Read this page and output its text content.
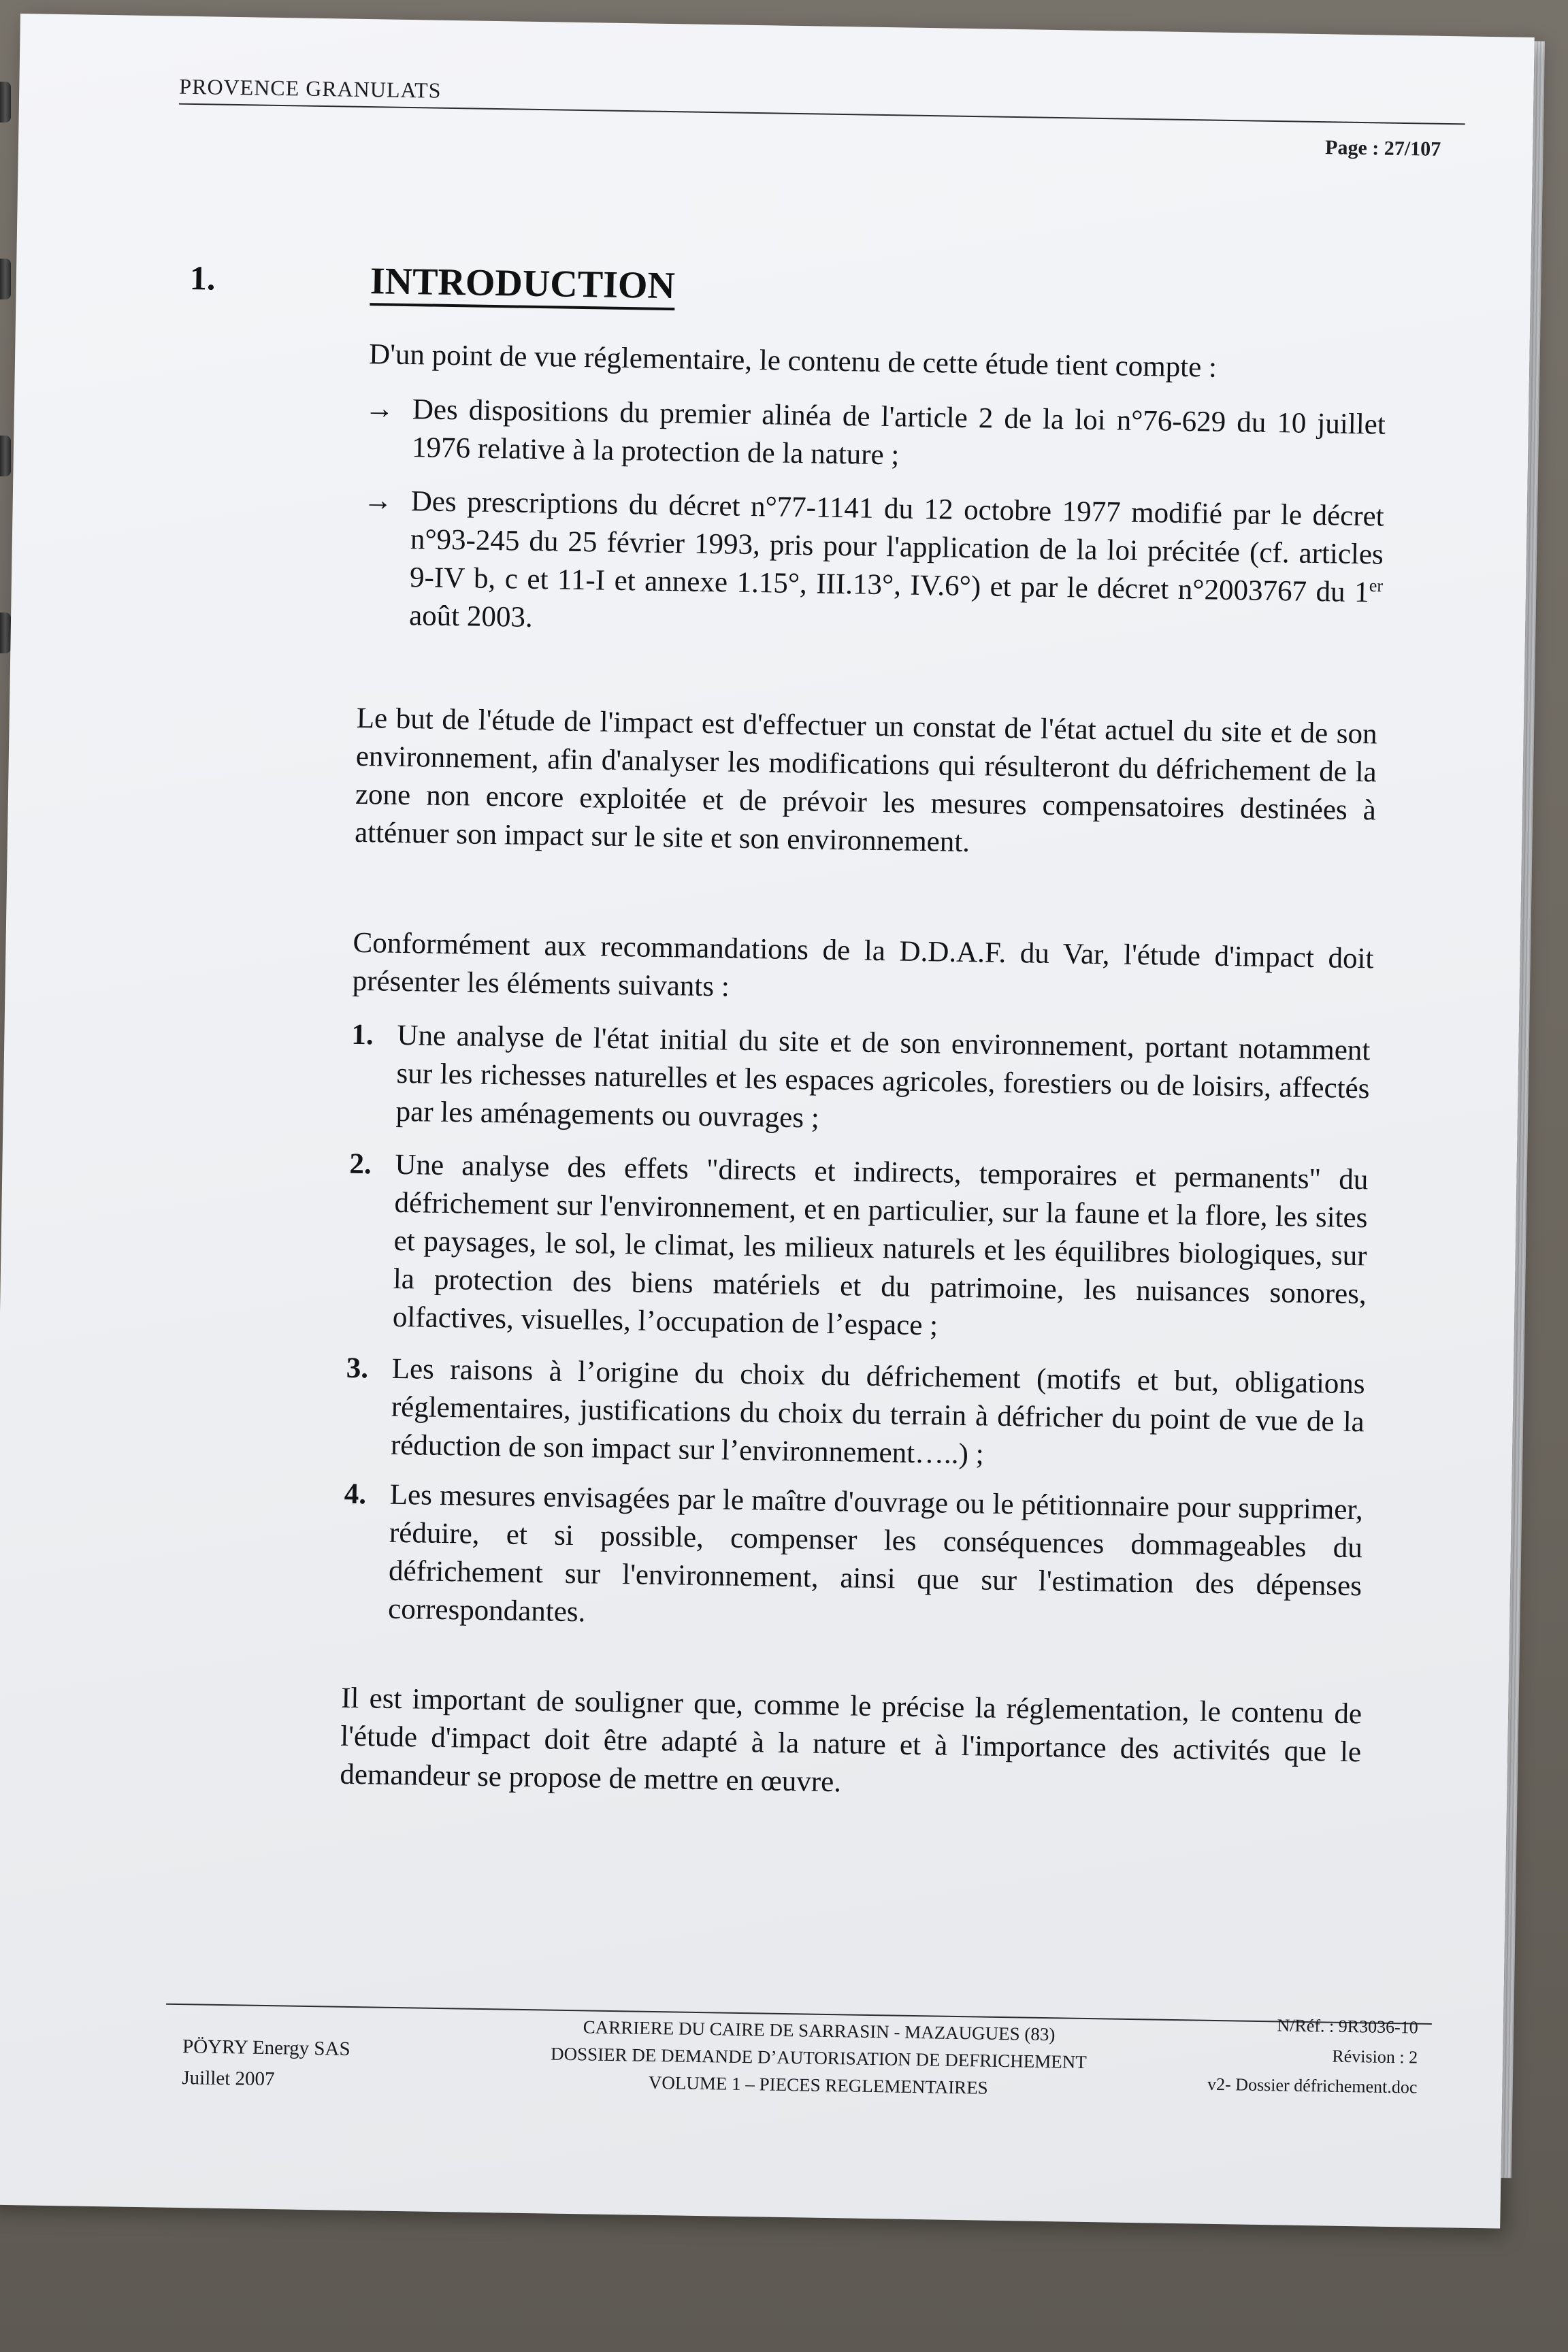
PROVENCE GRANULATS
Page : 27/107
1.	INTRODUCTION
D'un point de vue réglementaire, le contenu de cette étude tient compte :
→ Des dispositions du premier alinéa de l'article 2 de la loi n°76-629 du 10 juillet 1976 relative à la protection de la nature ;
→ Des prescriptions du décret n°77-1141 du 12 octobre 1977 modifié par le décret n°93-245 du 25 février 1993, pris pour l'application de la loi précitée (cf. articles 9-IV b, c et 11-I et annexe 1.15°, III.13°, IV.6°) et par le décret n°2003767 du 1er août 2003.
Le but de l'étude de l'impact est d'effectuer un constat de l'état actuel du site et de son environnement, afin d'analyser les modifications qui résulteront du défrichement de la zone non encore exploitée et de prévoir les mesures compensatoires destinées à atténuer son impact sur le site et son environnement.
Conformément aux recommandations de la D.D.A.F. du Var, l'étude d'impact doit présenter les éléments suivants :
1. Une analyse de l'état initial du site et de son environnement, portant notamment sur les richesses naturelles et les espaces agricoles, forestiers ou de loisirs, affectés par les aménagements ou ouvrages ;
2. Une analyse des effets "directs et indirects, temporaires et permanents" du défrichement sur l'environnement, et en particulier, sur la faune et la flore, les sites et paysages, le sol, le climat, les milieux naturels et les équilibres biologiques, sur la protection des biens matériels et du patrimoine, les nuisances sonores, olfactives, visuelles, l’occupation de l’espace ;
3. Les raisons à l’origine du choix du défrichement (motifs et but, obligations réglementaires, justifications du choix du terrain à défricher du point de vue de la réduction de son impact sur l’environnement…..) ;
4. Les mesures envisagées par le maître d'ouvrage ou le pétitionnaire pour supprimer, réduire, et si possible, compenser les conséquences dommageables du défrichement sur l'environnement, ainsi que sur l'estimation des dépenses correspondantes.
Il est important de souligner que, comme le précise la réglementation, le contenu de l'étude d'impact doit être adapté à la nature et à l'importance des activités que le demandeur se propose de mettre en œuvre.
PÖYRY Energy SAS
Juillet 2007
CARRIERE DU CAIRE DE SARRASIN - MAZAUGUES (83)
DOSSIER DE DEMANDE D’AUTORISATION DE DEFRICHEMENT
VOLUME 1 – PIECES REGLEMENTAIRES
N/Réf. : 9R3036-10
Révision : 2
v2- Dossier défrichement.doc
